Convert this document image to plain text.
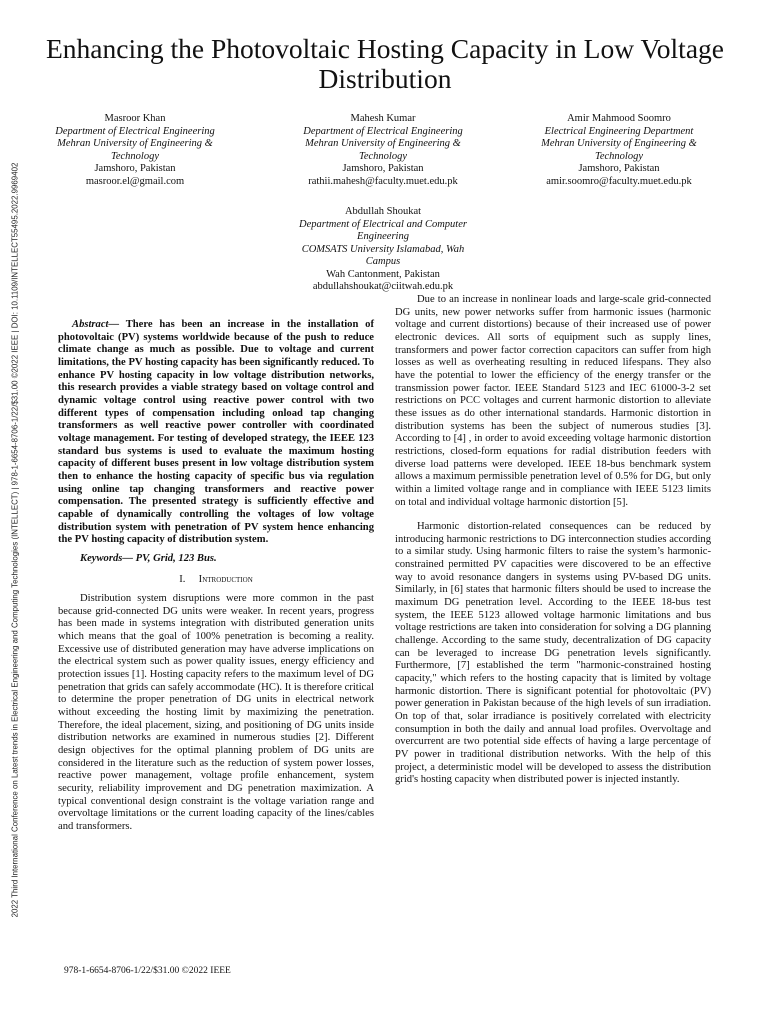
2022 Third International Conference on Latest trends in Electrical Engineering and Computing Technologies (INTELLECT) | 978-1-6654-8706-1/22/$31.00 ©2022 IEEE | DOI: 10.1109/INTELLECT55495.2022.9969402
Enhancing the Photovoltaic Hosting Capacity in Low Voltage Distribution
Masroor Khan
Department of Electrical Engineering
Mehran University of Engineering & Technology
Jamshoro, Pakistan
masroor.el@gmail.com
Mahesh Kumar
Department of Electrical Engineering
Mehran University of Engineering & Technology
Jamshoro, Pakistan
rathii.mahesh@faculty.muet.edu.pk
Amir Mahmood Soomro
Electrical Engineering Department
Mehran University of Engineering & Technology
Jamshoro, Pakistan
amir.soomro@faculty.muet.edu.pk
Abdullah Shoukat
Department of Electrical and Computer Engineering
COMSATS University Islamabad, Wah Campus
Wah Cantonment, Pakistan
abdullahshoukat@ciitwah.edu.pk

Abstract— There has been an increase in the installation of photovoltaic (PV) systems worldwide because of the push to reduce climate change as much as possible. Due to voltage and current limitations, the PV hosting capacity has been significantly reduced. To enhance PV hosting capacity in low voltage distribution networks, this research provides a viable strategy based on voltage control and dynamic voltage control using reactive power control with two different types of compensation including onload tap changing transformers as well reactive power controller with coordinated voltage management. For testing of developed strategy, the IEEE 123 standard bus systems is used to evaluate the maximum hosting capacity of different buses present in low voltage distribution system then to enhance the hosting capacity of specific bus via regulation using online tap changing transformers and reactive power compensation. The presented strategy is sufficiently effective and capable of dynamically controlling the voltages of low voltage distribution system with penetration of PV system hence enhancing the PV hosting capacity of distribution system.

Keywords— PV, Grid, 123 Bus.

I. Introduction

Distribution system disruptions were more common in the past because grid-connected DG units were weaker. In recent years, progress has been made in systems integration with distributed generation units which means that the goal of 100% penetration is becoming a reality. Excessive use of distributed generation may have adverse implications on the electrical system such as power quality issues, energy efficiency and protection issues [1]. Hosting capacity refers to the maximum level of DG penetration that grids can safely accommodate (HC). It is therefore critical to determine the proper penetration of DG units in electrical network without exceeding the hosting limit by maximizing the penetration. Therefore, the ideal placement, sizing, and positioning of DG units inside distribution networks are examined in numerous studies [2]. Different design objectives for the optimal planning problem of DG units are considered in the literature such as the reduction of system power losses, reactive power management, voltage profile enhancement, system security, reliability improvement and DG penetration maximization. A typical conventional design constraint is the voltage variation range and overvoltage limitations or the current loading capacity of the lines/cables and transformers.

Due to an increase in nonlinear loads and large-scale grid-connected DG units, new power networks suffer from harmonic issues (harmonic voltage and current distortions) because of their increased use of power electronic devices. All sorts of equipment such as supply lines, transformers and power factor correction capacitors can suffer from high losses as well as overheating resulting in reduced lifespans. They also have the potential to lower the efficiency of the energy transfer or the transmission power factor. IEEE Standard 5123 and IEC 61000-3-2 set restrictions on PCC voltages and current harmonic distortion to alleviate these issues as do other international standards. Harmonic distortion in distribution systems has been the subject of numerous studies [3]. According to [4] , in order to avoid exceeding voltage harmonic distortion restrictions, closed-form equations for radial distribution feeders with diverse load patterns were developed. IEEE 18-bus benchmark system allows a maximum permissible penetration level of 0.5% for DG, but only within a limited voltage range and in compliance with IEEE 5123 limits on total and individual voltage harmonic distortion [5].

Harmonic distortion-related consequences can be reduced by introducing harmonic restrictions to DG interconnection studies according to a similar study. Using harmonic filters to raise the system’s harmonic-constrained permitted PV capacities were discovered to be an effective way to avoid resonance dangers in systems using PV-based DG units. Similarly, in [6] states that harmonic filters should be used to increase the maximum DG penetration level. According to the IEEE 18-bus test system, the IEEE 5123 allowed voltage harmonic limitations and bus voltage restrictions are taken into consideration for solving a DG planning challenge. According to the same study, decentralization of DG capacity can be leveraged to increase DG penetration levels significantly. Furthermore, [7] established the term "harmonic-constrained hosting capacity," which refers to the hosting capacity that is limited by voltage harmonic distortion. There is significant potential for photovoltaic (PV) power generation in Pakistan because of the high levels of sun irradiation. On top of that, solar irradiance is positively correlated with electricity consumption in both the daily and annual load profiles. Overvoltage and overcurrent are two potential side effects of having a large percentage of PV power in traditional distribution networks. With the help of this project, a deterministic model will be developed to assess the distribution grid's hosting capacity when distributed power is injected instantly.

978-1-6654-8706-1/22/$31.00 ©2022 IEEE
